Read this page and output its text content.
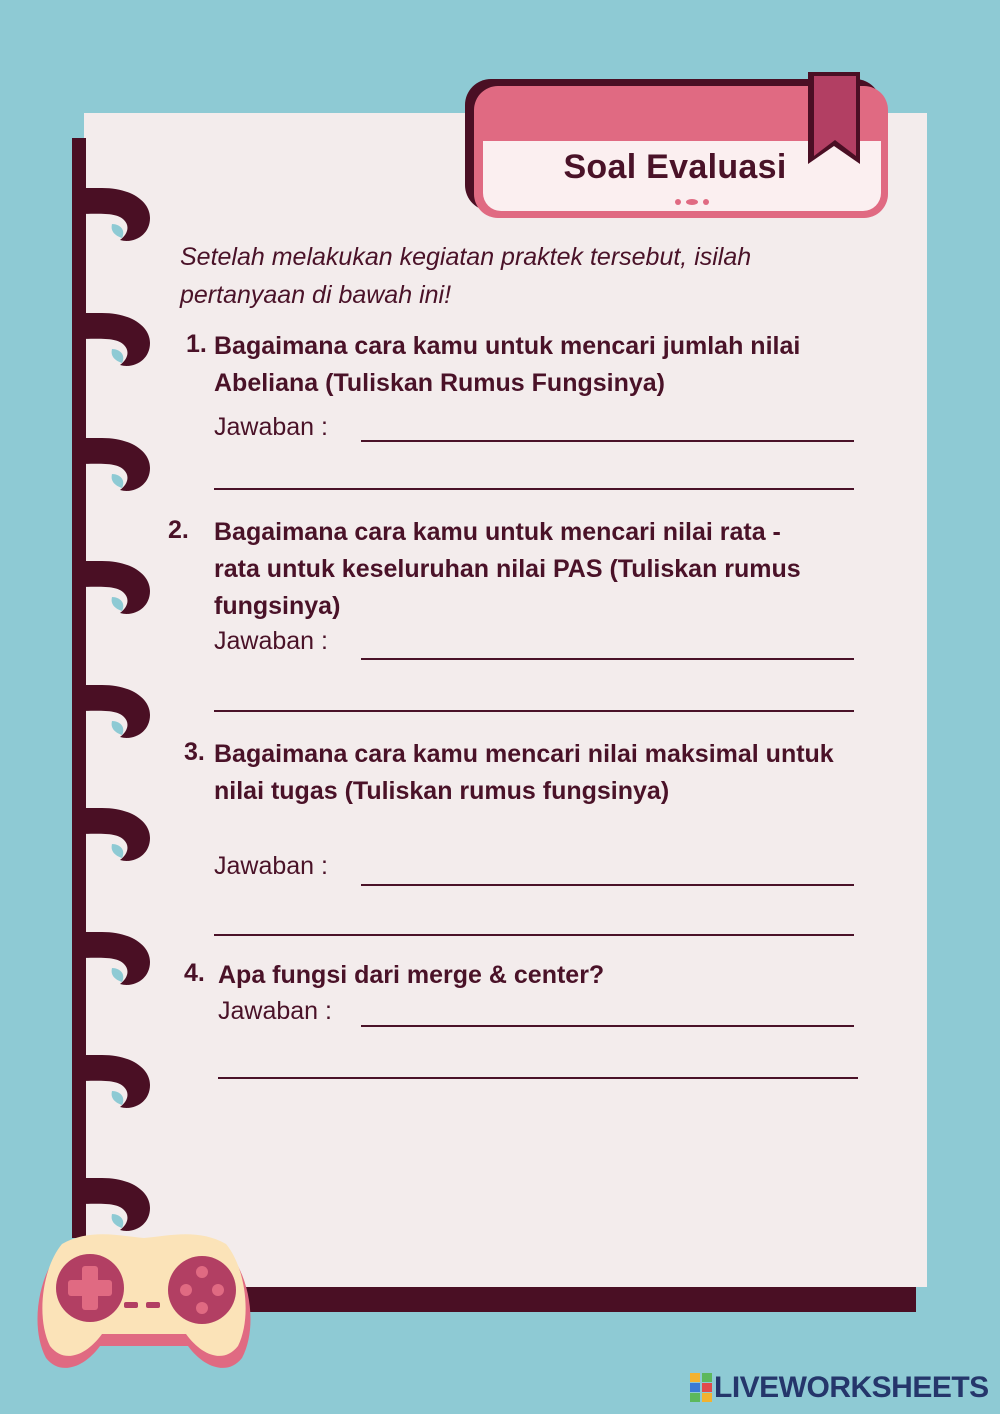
Soal Evaluasi

Setelah melakukan kegiatan praktek tersebut, isilah pertanyaan di bawah ini!

1. Bagaimana cara kamu untuk mencari jumlah nilai Abeliana (Tuliskan Rumus Fungsinya)

Jawaban :
2. Bagaimana cara kamu untuk mencari nilai rata - rata untuk keseluruhan nilai PAS (Tuliskan rumus fungsinya)

Jawaban :
3. Bagaimana cara kamu mencari nilai maksimal untuk nilai tugas (Tuliskan rumus fungsinya)

Jawaban :
4. Apa fungsi dari merge & center?

Jawaban :
LIVEWORKSHEETS
